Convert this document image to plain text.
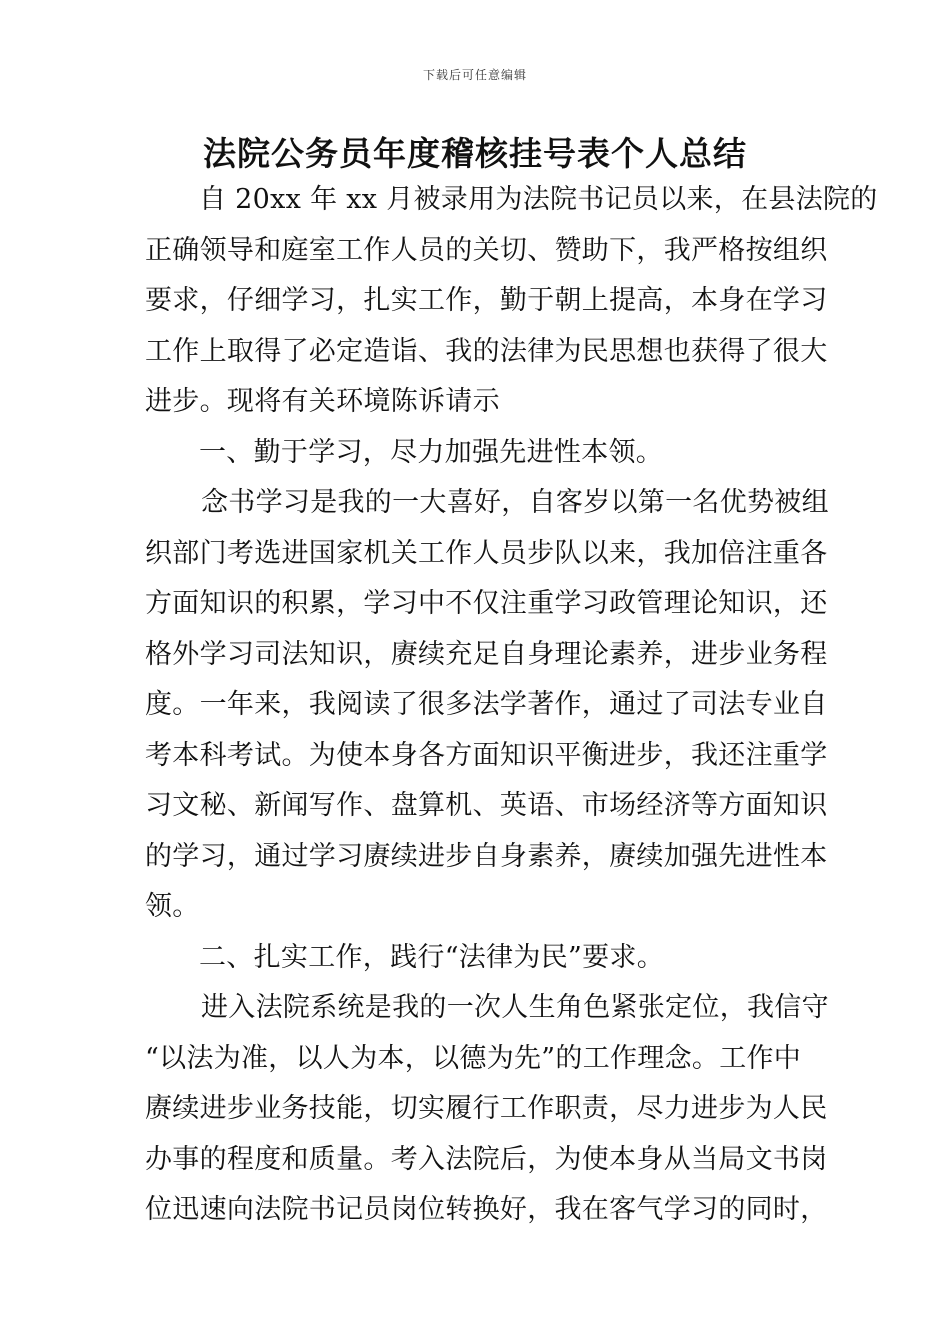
下载后可任意编辑
法院公务员年度稽核挂号表个人总结
自 20xx 年 xx 月被录用为法院书记员以来，在县法院的
正确领导和庭室工作人员的关切、赞助下，我严格按组织
要求，仔细学习，扎实工作，勤于朝上提高，本身在学习
工作上取得了必定造诣、我的法律为民思想也获得了很大
进步。现将有关环境陈诉请示
一、勤于学习，尽力加强先进性本领。
念书学习是我的一大喜好，自客岁以第一名优势被组
织部门考选进国家机关工作人员步队以来，我加倍注重各
方面知识的积累，学习中不仅注重学习政管理论知识，还
格外学习司法知识，赓续充足自身理论素养，进步业务程
度。一年来，我阅读了很多法学著作，通过了司法专业自
考本科考试。为使本身各方面知识平衡进步，我还注重学
习文秘、新闻写作、盘算机、英语、市场经济等方面知识
的学习，通过学习赓续进步自身素养，赓续加强先进性本
领。
二、扎实工作，践行“法律为民”要求。
进入法院系统是我的一次人生角色紧张定位，我信守
“以法为准，以人为本，以德为先”的工作理念。工作中
赓续进步业务技能，切实履行工作职责，尽力进步为人民
办事的程度和质量。考入法院后，为使本身从当局文书岗
位迅速向法院书记员岗位转换好，我在客气学习的同时，
